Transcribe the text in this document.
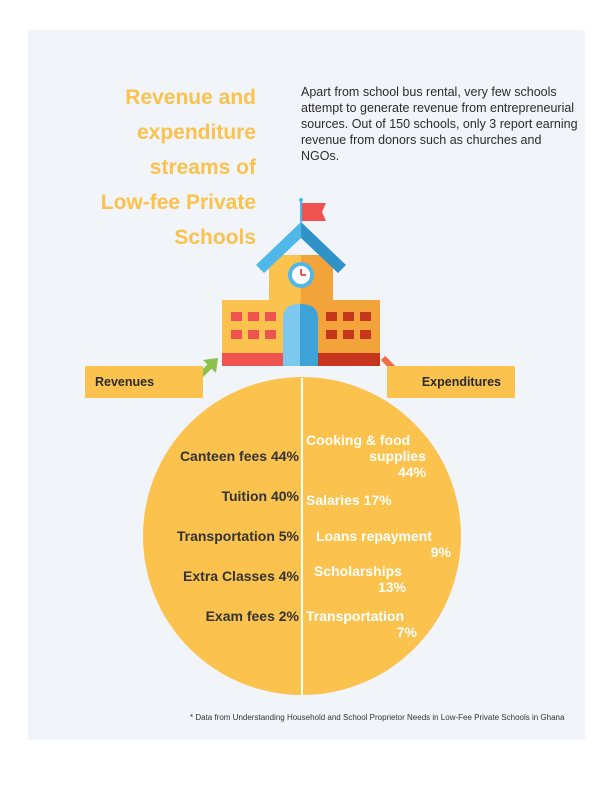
Revenue and
expenditure
streams of
Low-fee Private
Schools
Apart from school bus rental, very few schools attempt to generate revenue from entrepreneurial sources. Out of 150 schools, only 3 report earning revenue from donors such as churches and NGOs.
Revenues	Expenditures
Canteen fees 44%
Tuition 40%
Transportation 5%
Extra Classes 4%
Exam fees 2%
Cooking & food
supplies
44%
Salaries 17%
Loans repayment
9%
Scholarships
13%
Transportation
7%
* Data from Understanding Household and School Proprietor Needs in Low-Fee Private Schools in Ghana
